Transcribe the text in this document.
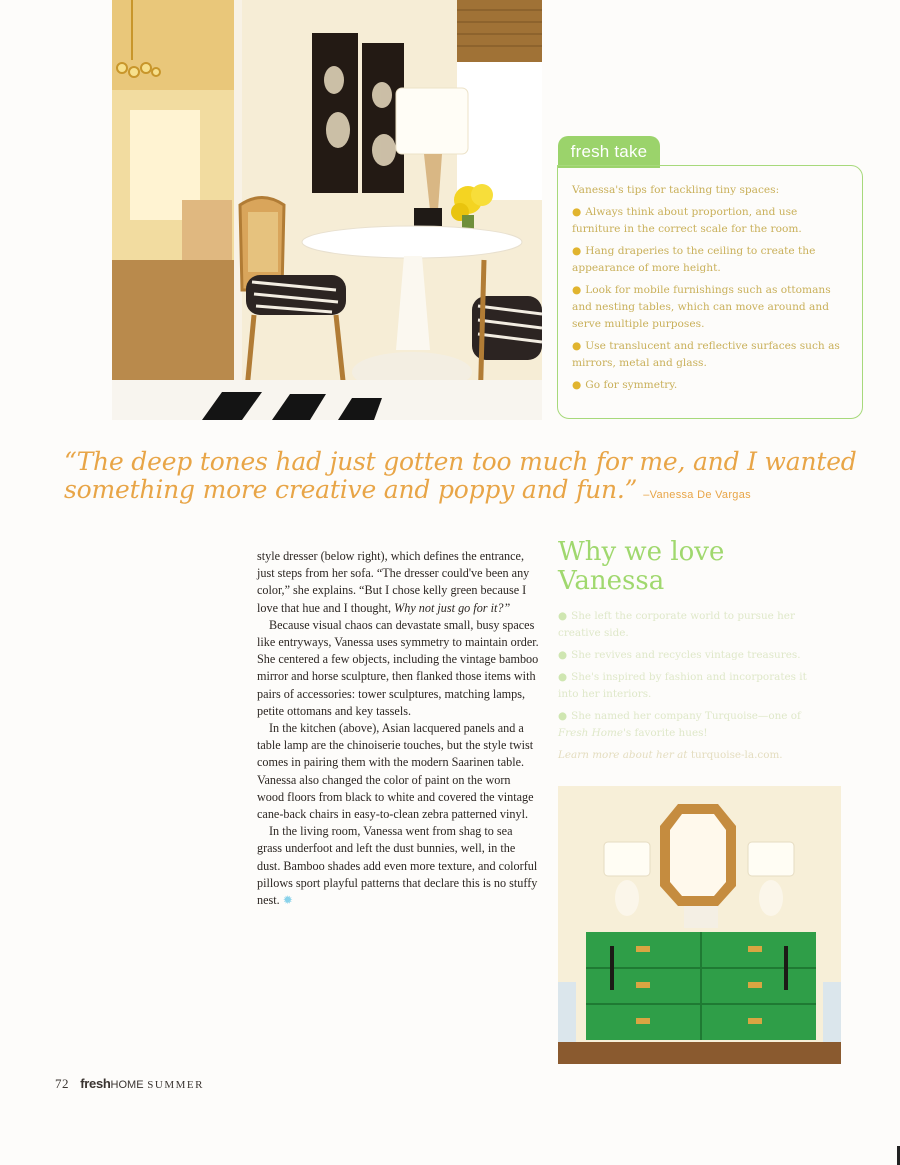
fresh take

Vanessa's tips for tackling tiny spaces:

● Always think about proportion, and use furniture in the correct scale for the room.
● Hang draperies to the ceiling to create the appearance of more height.
● Look for mobile furnishings such as ottomans and nesting tables, which can move around and serve multiple purposes.
● Use translucent and reflective surfaces such as mirrors, metal and glass.
● Go for symmetry.
“The deep tones had just gotten too much for me, and I wanted
something more creative and poppy and fun.” –Vanessa De Vargas

style dresser (below right), which defines the entrance, just steps from her sofa. “The dresser could've been any color,” she explains. “But I chose kelly green because I love that hue and I thought, Why not just go for it?”

Because visual chaos can devastate small, busy spaces like entryways, Vanessa uses symmetry to maintain order. She centered a few objects, including the vintage bamboo mirror and horse sculpture, then flanked those items with pairs of accessories: tower sculptures, matching lamps, petite ottomans and key tassels.

In the kitchen (above), Asian lacquered panels and a table lamp are the chinoiserie touches, but the style twist comes in pairing them with the modern Saarinen table. Vanessa also changed the color of paint on the worn wood floors from black to white and covered the vintage cane-back chairs in easy-to-clean zebra patterned vinyl.

In the living room, Vanessa went from shag to sea grass underfoot and left the dust bunnies, well, in the dust. Bamboo shades add even more texture, and colorful pillows sport playful patterns that declare this is no stuffy nest. ✹

Why we love
Vanessa
● She left the corporate world to pursue her creative side.
● She revives and recycles vintage treasures.
● She's inspired by fashion and incorporates it into her interiors.
● She named her company Turquoise—one of Fresh Home's favorite hues!
Learn more about her at turquoise-la.com.
72 freshHOME SUMMER
